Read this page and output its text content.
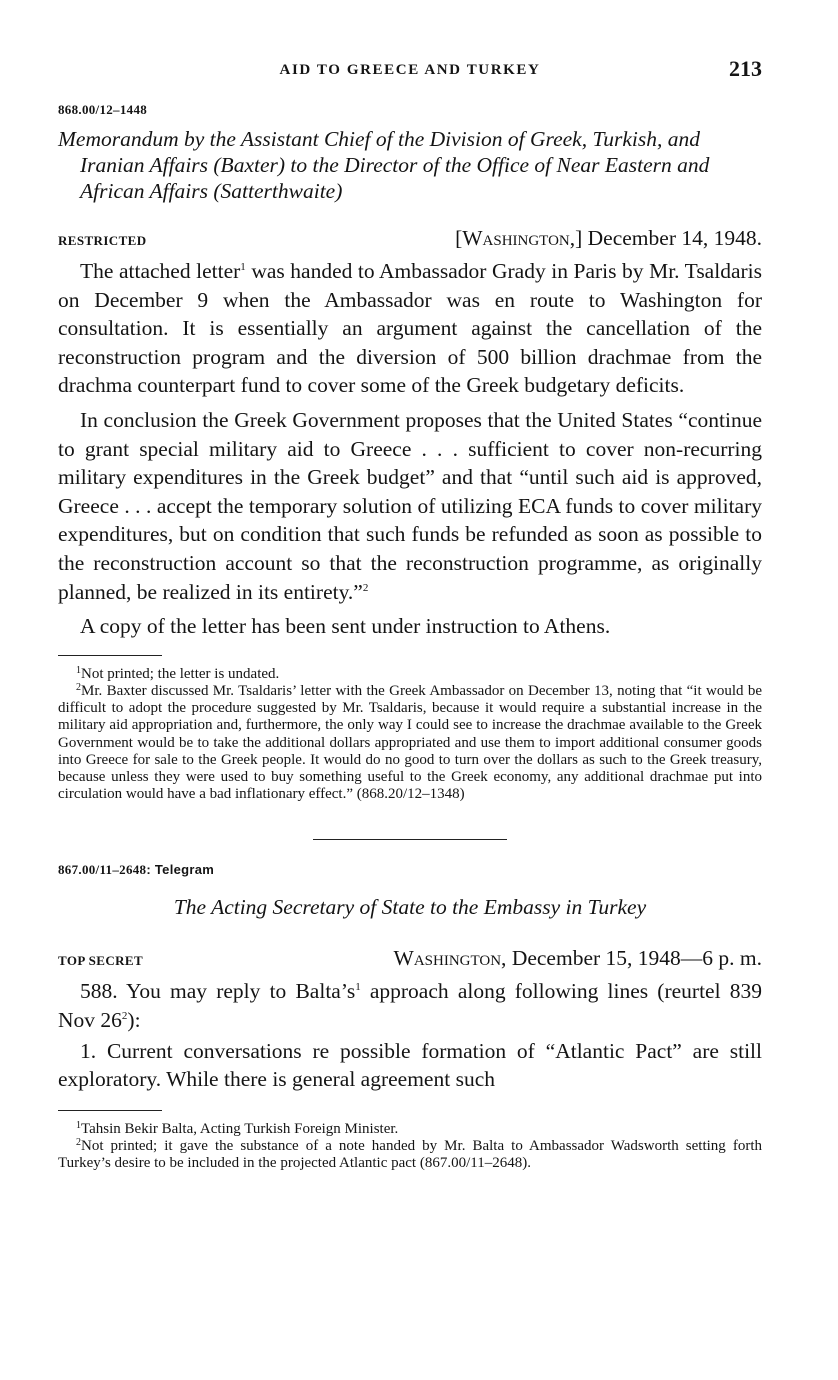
AID TO GREECE AND TURKEY	213
868.00/12–1448
Memorandum by the Assistant Chief of the Division of Greek, Turkish, and Iranian Affairs (Baxter) to the Director of the Office of Near Eastern and African Affairs (Satterthwaite)
RESTRICTED	[Washington,] December 14, 1948.

The attached letter$^1$ was handed to Ambassador Grady in Paris by Mr. Tsaldaris on December 9 when the Ambassador was en route to Washington for consultation. It is essentially an argument against the cancellation of the reconstruction program and the diversion of 500 billion drachmae from the drachma counterpart fund to cover some of the Greek budgetary deficits.

In conclusion the Greek Government proposes that the United States “continue to grant special military aid to Greece . . . sufficient to cover non-recurring military expenditures in the Greek budget” and that “until such aid is approved, Greece . . . accept the temporary solution of utilizing ECA funds to cover military expenditures, but on condition that such funds be refunded as soon as possible to the reconstruction account so that the reconstruction programme, as originally planned, be realized in its entirety.”$^2$

A copy of the letter has been sent under instruction to Athens.

$^1$Not printed; the letter is undated.

$^2$Mr. Baxter discussed Mr. Tsaldaris’ letter with the Greek Ambassador on December 13, noting that “it would be difficult to adopt the procedure suggested by Mr. Tsaldaris, because it would require a substantial increase in the military aid appropriation and, furthermore, the only way I could see to increase the drachmae available to the Greek Government would be to take the additional dollars appropriated and use them to import additional consumer goods into Greece for sale to the Greek people. It would do no good to turn over the dollars as such to the Greek treasury, because unless they were used to buy something useful to the Greek economy, any additional drachmae put into circulation would have a bad inflationary effect.” (868.20/12–1348)

867.00/11–2648: Telegram
The Acting Secretary of State to the Embassy in Turkey
TOP SECRET	Washington, December 15, 1948—6 p. m.

588. You may reply to $Balta’s^1$ approach along following lines (reurtel 839 Nov $26^2$):

1. Current conversations re possible formation of “Atlantic Pact” are still exploratory. While there is general agreement such

$^1$Tahsin Bekir Balta, Acting Turkish Foreign Minister.

$^2$Not printed; it gave the substance of a note handed by Mr. Balta to Ambassador Wadsworth setting forth Turkey’s desire to be included in the projected Atlantic pact (867.00/11–2648).
